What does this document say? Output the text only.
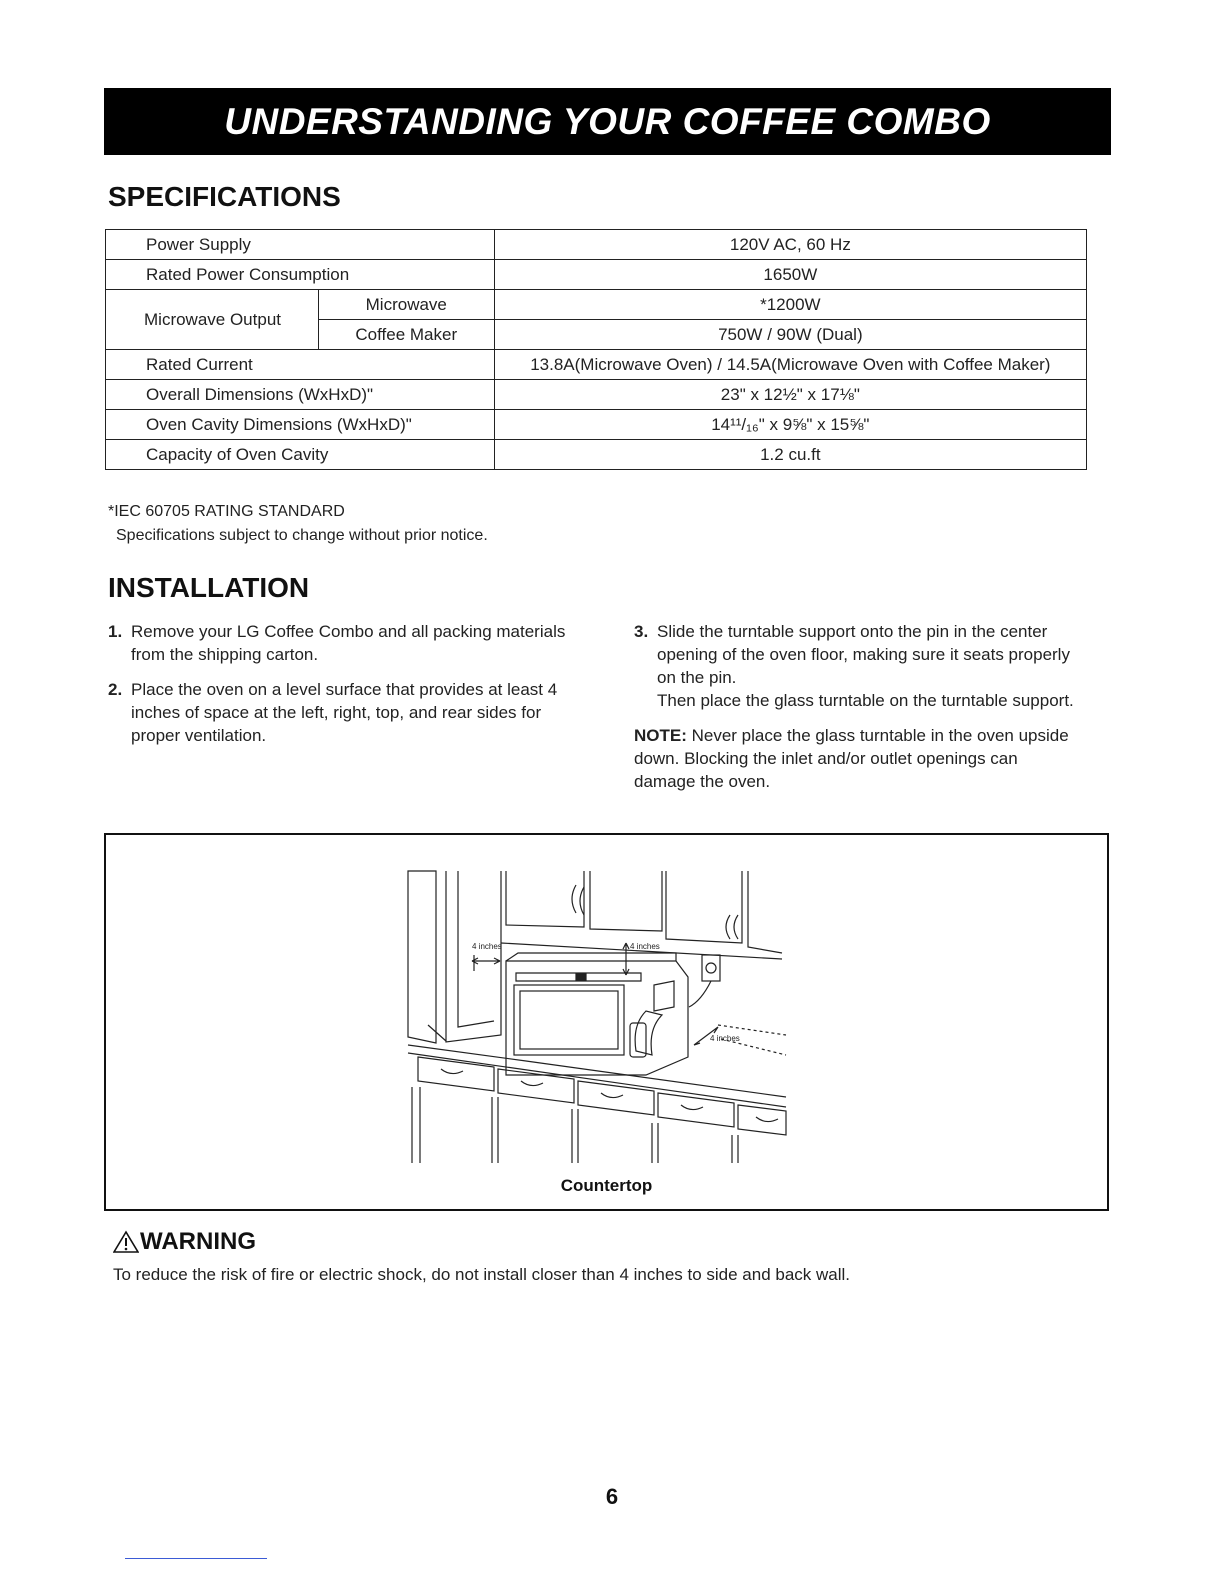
UNDERSTANDING YOUR COFFEE COMBO
SPECIFICATIONS
Power Supply		120V AC, 60 Hz
Rated Power Consumption		1650W
Microwave Output	Microwave	*1200W
	Coffee Maker	750W / 90W (Dual)
Rated Current		13.8A(Microwave Oven) / 14.5A(Microwave Oven with Coffee Maker)
Overall Dimensions (WxHxD)"		23" x 12½" x 17⅛"
Oven Cavity Dimensions (WxHxD)"		14¹¹/₁₆" x 9⅝" x 15⅝"
Capacity of Oven Cavity		1.2 cu.ft
*IEC 60705 RATING STANDARD
Specifications subject to change without prior notice.
INSTALLATION
1. Remove your LG Coffee Combo and all packing materials from the shipping carton.

2. Place the oven on a level surface that provides at least 4 inches of space at the left, right, top, and rear sides for proper ventilation.

3. Slide the turntable support onto the pin in the center opening of the oven floor, making sure it seats properly on the pin.

Then place the glass turntable on the turntable support.

NOTE: Never place the glass turntable in the oven upside down. Blocking the inlet and/or outlet openings can damage the oven.

4 inches	4 inches
4 inches
Countertop
WARNING
To reduce the risk of fire or electric shock, do not install closer than 4 inches to side and back wall.
6
